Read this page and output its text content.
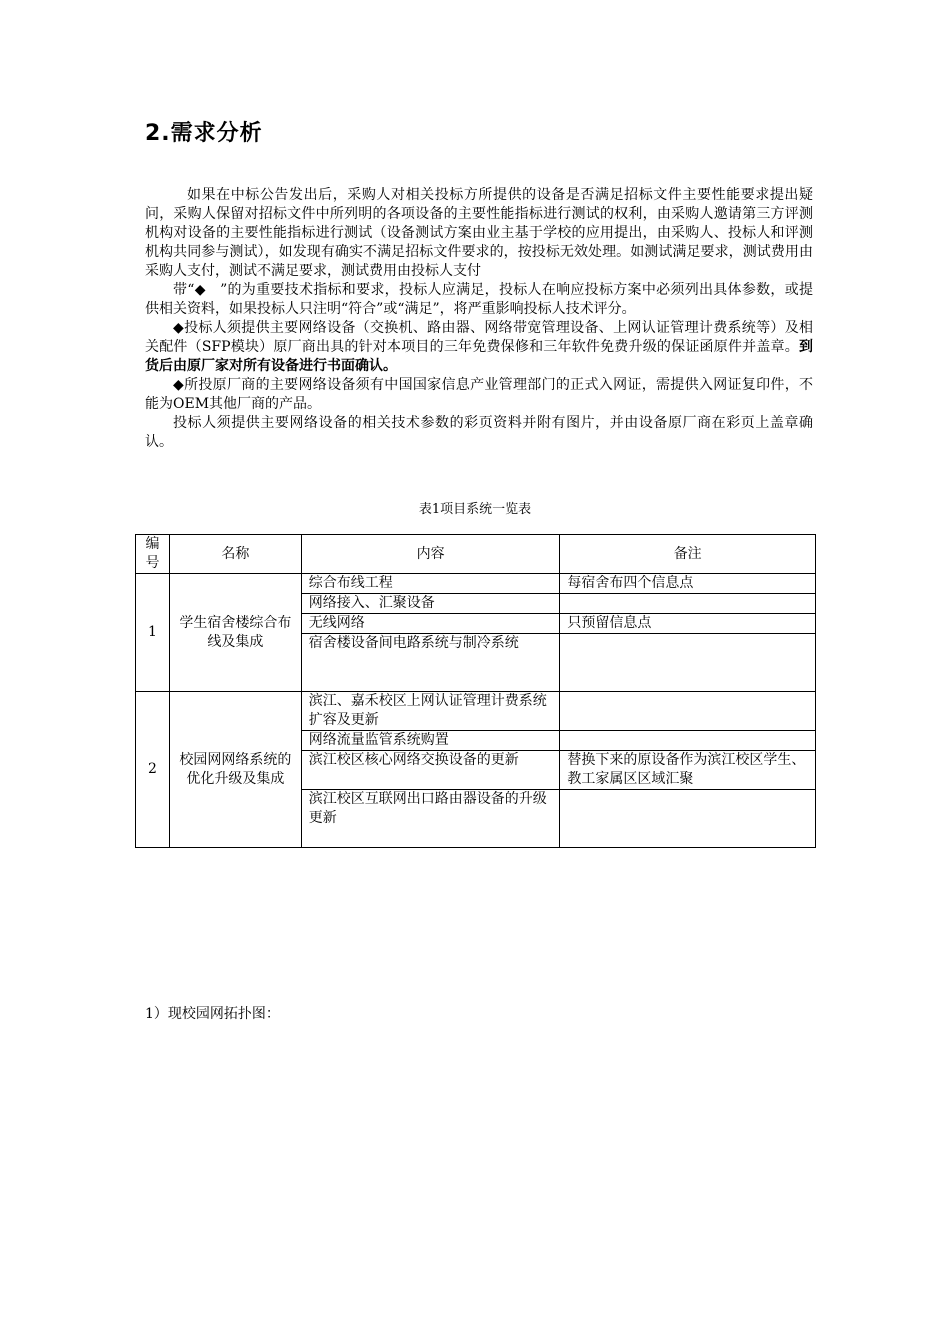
2.需求分析

如果在中标公告发出后，采购人对相关投标方所提供的设备是否满足招标文件主要性能要求提出疑问，采购人保留对招标文件中所列明的各项设备的主要性能指标进行测试的权利，由采购人邀请第三方评测机构对设备的主要性能指标进行测试（设备测试方案由业主基于学校的应用提出，由采购人、投标人和评测机构共同参与测试），如发现有确实不满足招标文件要求的，按投标无效处理。如测试满足要求，测试费用由采购人支付，测试不满足要求，测试费用由投标人支付

带“◆　”的为重要技术指标和要求，投标人应满足，投标人在响应投标方案中必须列出具体参数，或提供相关资料，如果投标人只注明“符合”或“满足”，将严重影响投标人技术评分。

◆投标人须提供主要网络设备（交换机、路由器、网络带宽管理设备、上网认证管理计费系统等）及相关配件（SFP模块）原厂商出具的针对本项目的三年免费保修和三年软件免费升级的保证函原件并盖章。到货后由原厂家对所有设备进行书面确认。

◆所投原厂商的主要网络设备须有中国国家信息产业管理部门的正式入网证，需提供入网证复印件，不能为OEM其他厂商的产品。

投标人须提供主要网络设备的相关技术参数的彩页资料并附有图片，并由设备原厂商在彩页上盖章确认。

表1项目系统一览表
编号	名称	内容	备注
1	学生宿舍楼综合布线及集成	综合布线工程	每宿舍布四个信息点
		网络接入、汇聚设备	
		无线网络	只预留信息点
		宿舍楼设备间电路系统与制冷系统	
2	校园网网络系统的优化升级及集成	滨江、嘉禾校区上网认证管理计费系统扩容及更新	
		网络流量监管系统购置	
		滨江校区核心网络交换设备的更新	替换下来的原设备作为滨江校区学生、教工家属区区域汇聚
		滨江校区互联网出口路由器设备的升级更新	
1）现校园网拓扑图：
